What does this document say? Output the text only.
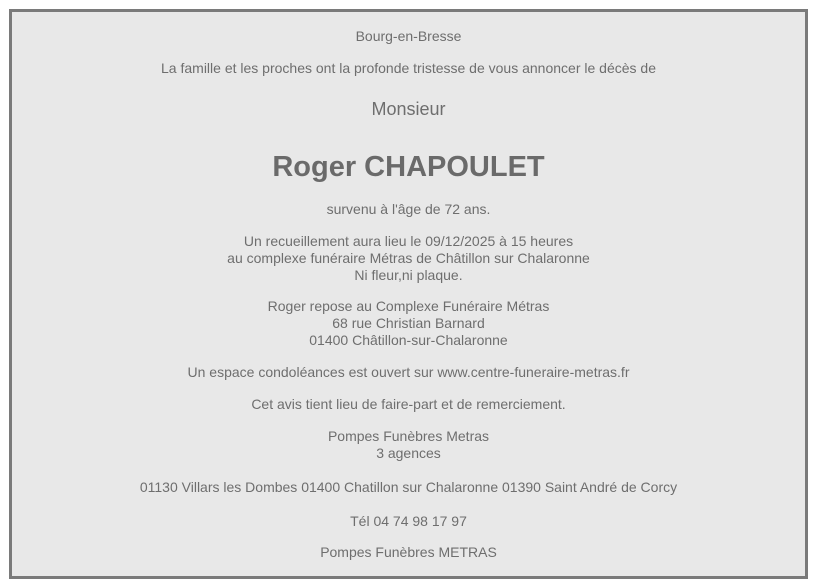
Bourg-en-Bresse

La famille et les proches ont la profonde tristesse de vous annoncer le décès de

Monsieur

Roger CHAPOULET

survenu à l'âge de 72 ans.

Un recueillement aura lieu le 09/12/2025 à 15 heures
au complexe funéraire Métras de Châtillon sur Chalaronne
Ni fleur,ni plaque.
Roger repose au Complexe Funéraire Métras
68 rue Christian Barnard
01400 Châtillon-sur-Chalaronne

Un espace condoléances est ouvert sur www.centre-funeraire-metras.fr

Cet avis tient lieu de faire-part et de remerciement.

Pompes Funèbres Metras
3 agences

01130 Villars les Dombes 01400 Chatillon sur Chalaronne 01390 Saint André de Corcy

Tél 04 74 98 17 97

Pompes Funèbres METRAS
